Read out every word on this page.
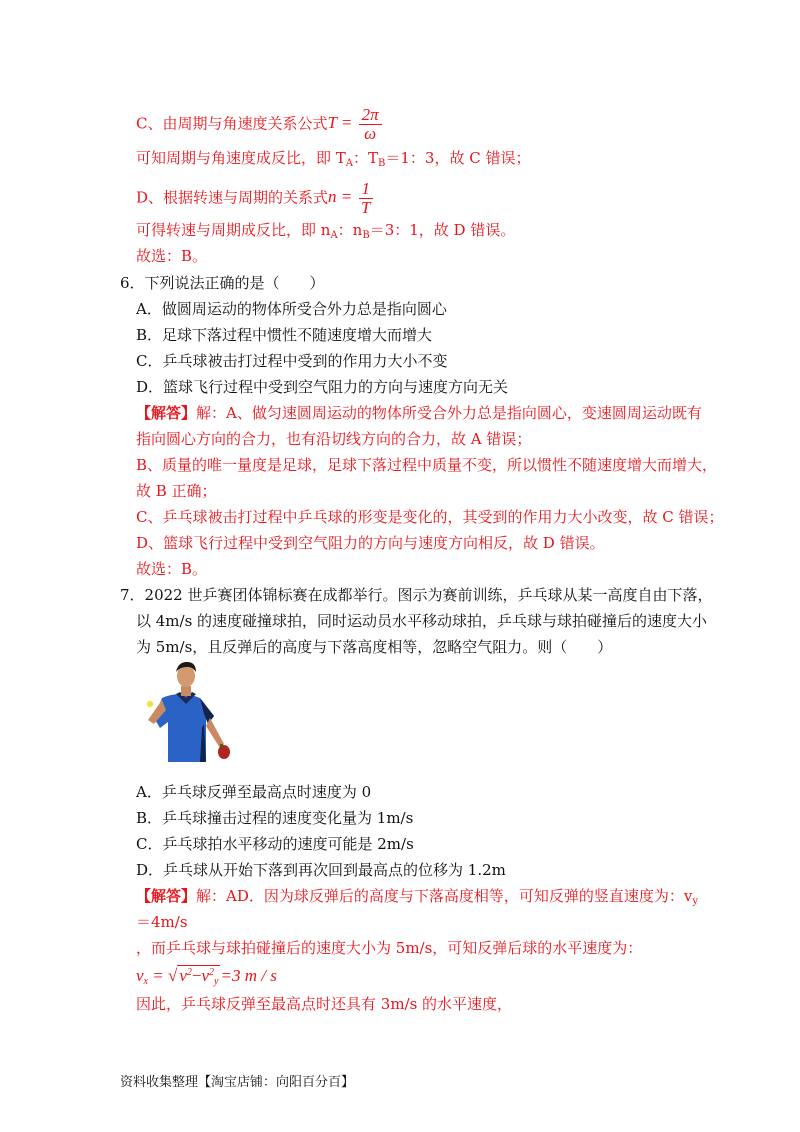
C、由周期与角速度关系公式$T = \frac{2\pi}{\omega}$
可知周期与角速度成反比，即 $T_A$：$T_B=1$：3，故 C 错误；
D、根据转速与周期的关系式$n = \frac{1}{T}$
可得转速与周期成反比，即 $n_A$：$n_B=3$：1，故 D 错误。
故选：B。
6．下列说法正确的是（　　）
A．做圆周运动的物体所受合外力总是指向圆心
B．足球下落过程中惯性不随速度增大而增大
C．乒乓球被击打过程中受到的作用力大小不变
D．篮球飞行过程中受到空气阻力的方向与速度方向无关
【解答】解：A、做匀速圆周运动的物体所受合外力总是指向圆心，变速圆周运动既有
指向圆心方向的合力，也有沿切线方向的合力，故 A 错误；
B、质量的唯一量度是足球，足球下落过程中质量不变，所以惯性不随速度增大而增大，
故 B 正确；
C、乒乓球被击打过程中乒乓球的形变是变化的，其受到的作用力大小改变，故 C 错误；
D、篮球飞行过程中受到空气阻力的方向与速度方向相反，故 D 错误。
故选：B。
7．2022 世乒赛团体锦标赛在成都举行。图示为赛前训练，乒乓球从某一高度自由下落，
以 4m/s 的速度碰撞球拍，同时运动员水平移动球拍，乒乓球与球拍碰撞后的速度大小
为 5m/s，且反弹后的高度与下落高度相等，忽略空气阻力。则（　　）
A．乒乓球反弹至最高点时速度为 0
B．乒乓球撞击过程的速度变化量为 1m/s
C．乒乓球拍水平移动的速度可能是 2m/s
D．乒乓球从开始下落到再次回到最高点的位移为 1.2m
【解答】解：AD．因为球反弹后的高度与下落高度相等，可知反弹的竖直速度为：$v_y$
＝4m/s
，而乒乓球与球拍碰撞后的速度大小为 5m/s，可知反弹后球的水平速度为：
$v_x$ = √ $v^2-v^2_y =3$ m / s
因此，乒乓球反弹至最高点时还具有 3m/s 的水平速度，
资料收集整理【淘宝店铺：向阳百分百】
